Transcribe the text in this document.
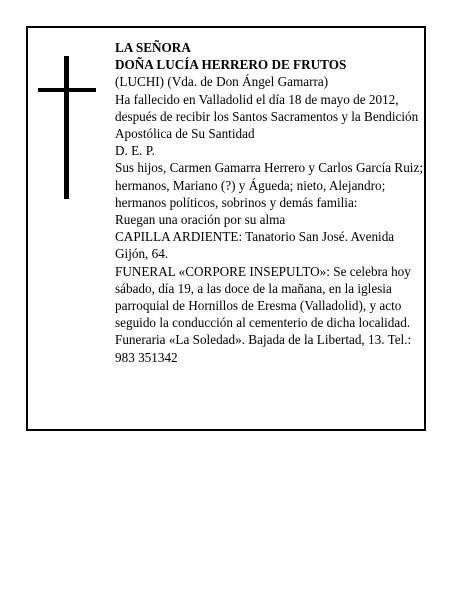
LA SEÑORA

DOÑA LUCÍA HERRERO DE FRUTOS

(LUCHI) (Vda. de Don Ángel Gamarra)

Ha fallecido en Valladolid el día 18 de mayo de 2012, después de recibir los Santos Sacramentos y la Bendición Apostólica de Su Santidad

D. E. P.

Sus hijos, Carmen Gamarra Herrero y Carlos García Ruiz; hermanos, Mariano (?) y Águeda; nieto, Alejandro; hermanos políticos, sobrinos y demás familia:

Ruegan una oración por su alma

CAPILLA ARDIENTE: Tanatorio San José. Avenida Gijón, 64.

FUNERAL «CORPORE INSEPULTO»: Se celebra hoy sábado, día 19, a las doce de la mañana, en la iglesia parroquial de Hornillos de Eresma (Valladolid), y acto seguido la conducción al cementerio de dicha localidad.

Funeraria «La Soledad». Bajada de la Libertad, 13. Tel.: 983 351342
